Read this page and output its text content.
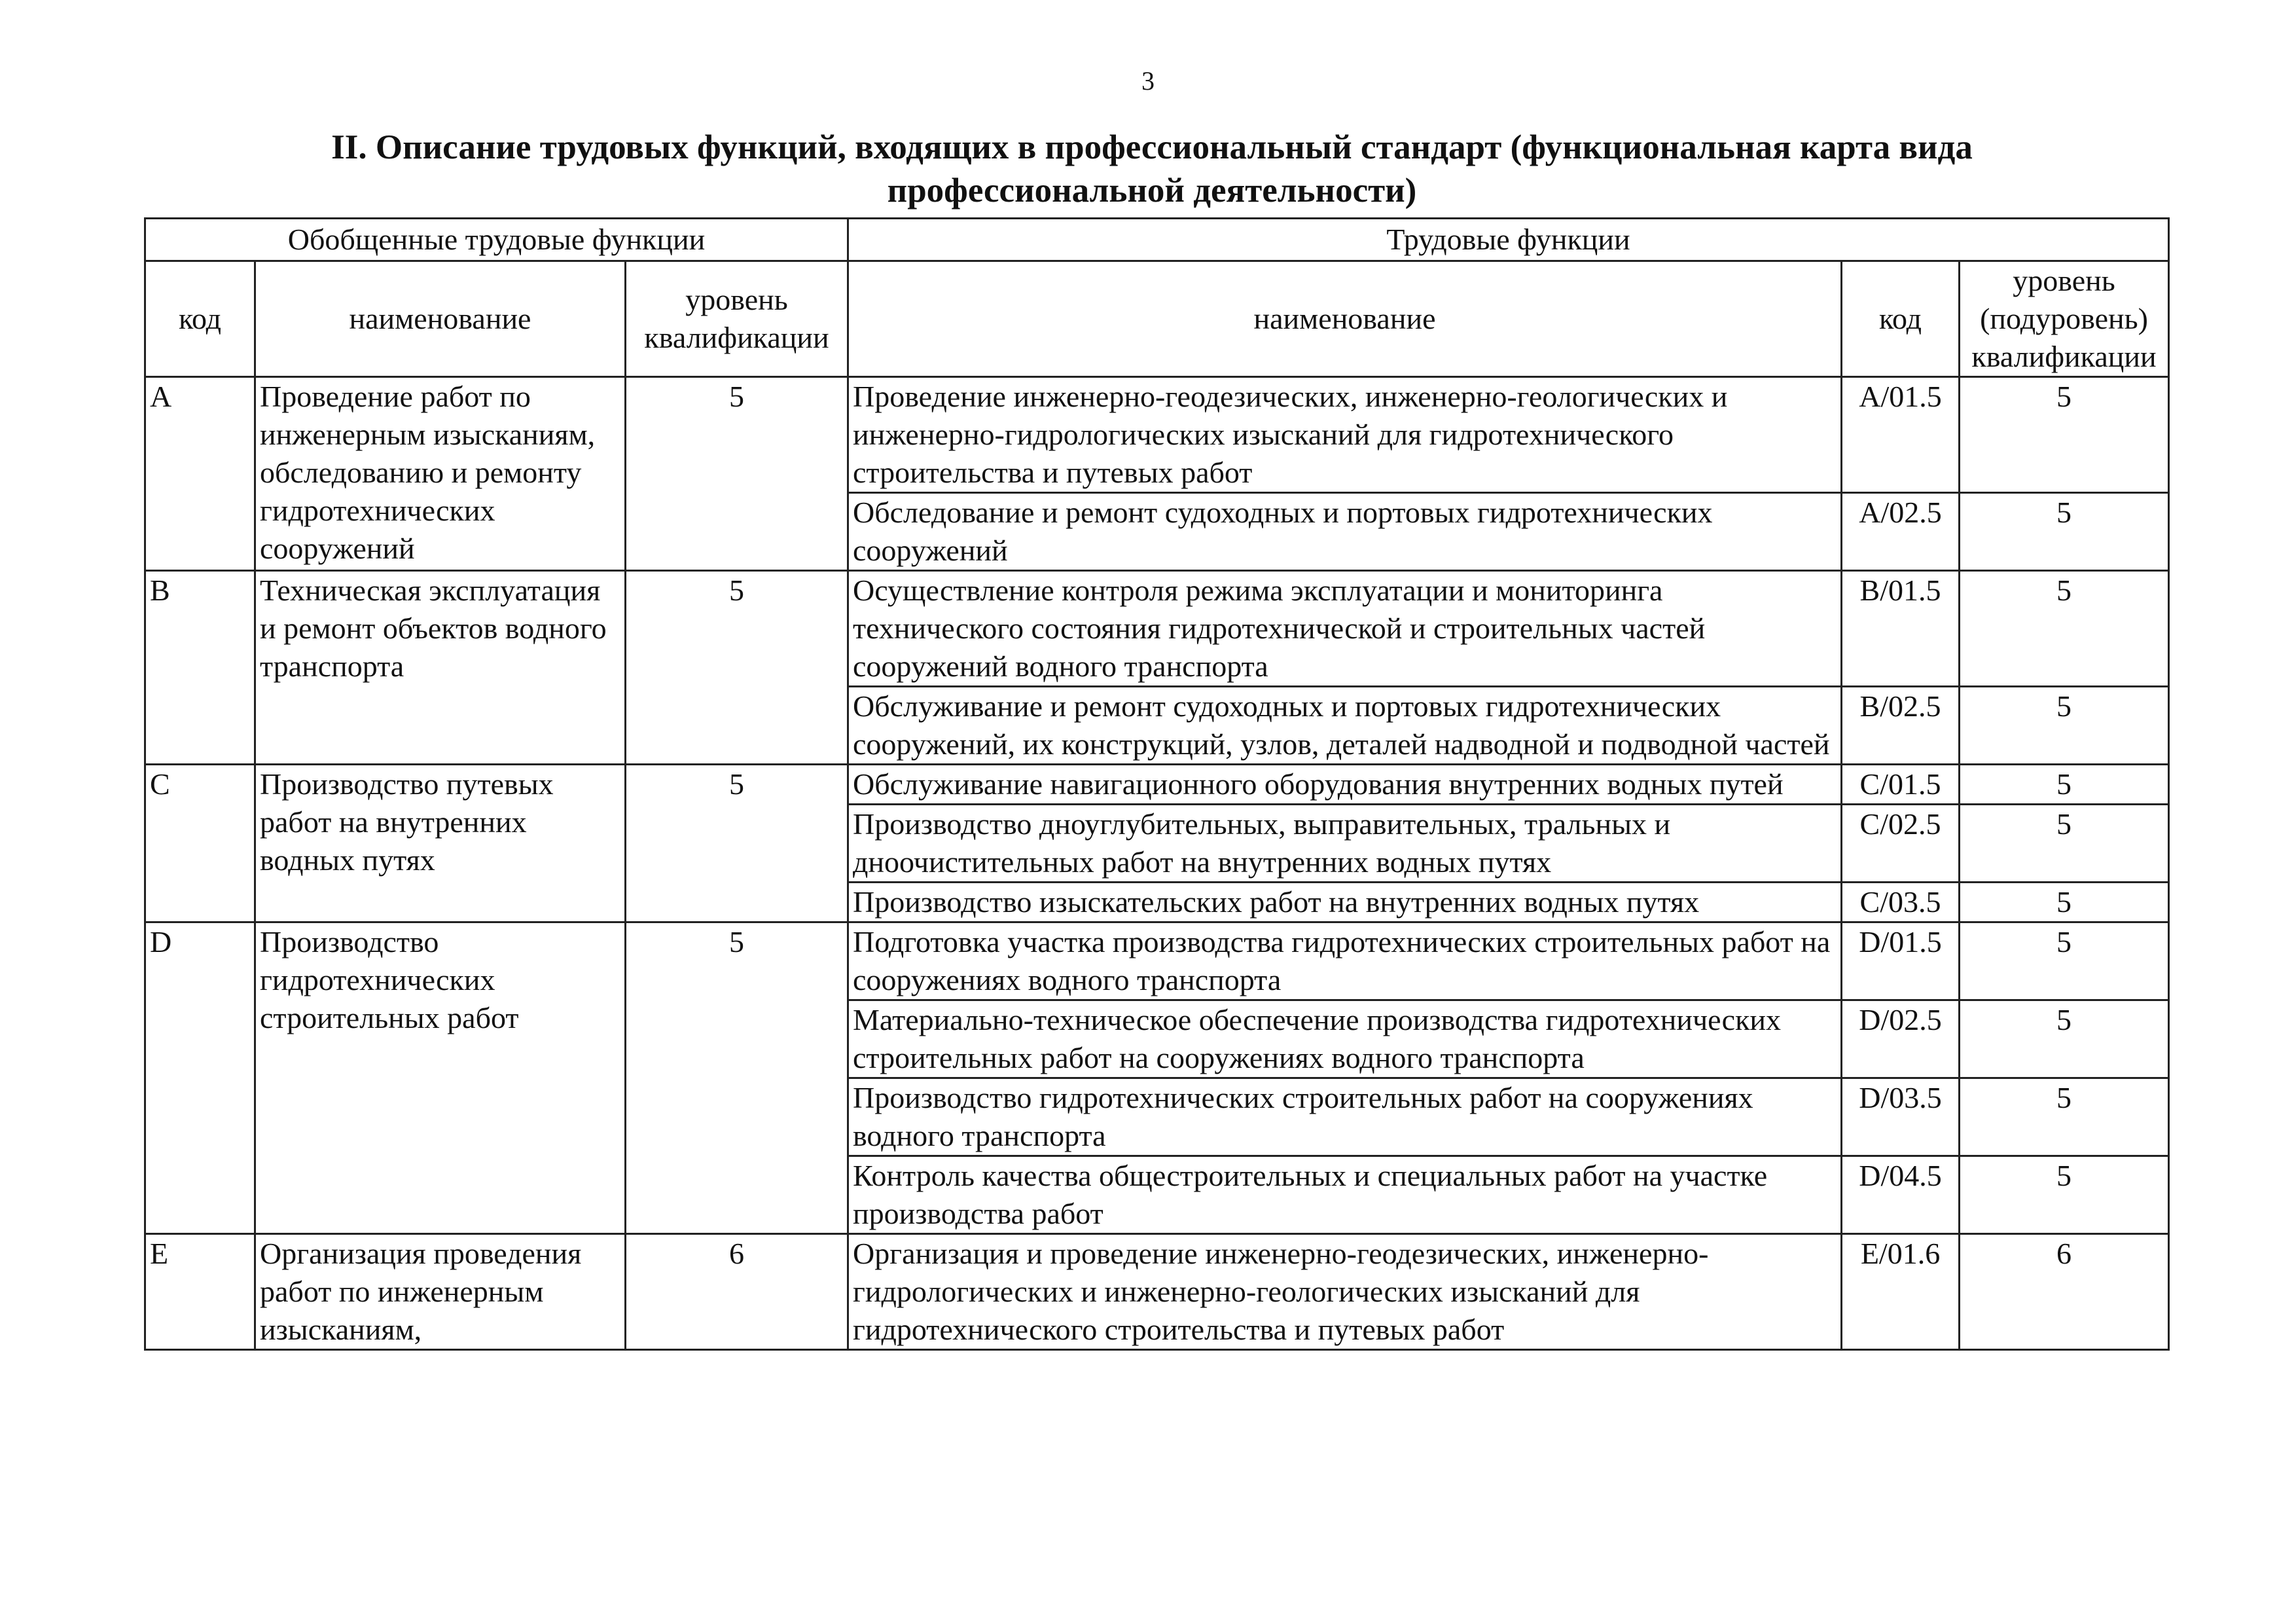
3
II. Описание трудовых функций, входящих в профессиональный стандарт (функциональная карта вида профессиональной деятельности)
Обобщенные трудовые функции			Трудовые функции		
код	наименование	уровень квалификации	наименование	код	уровень (подуровень) квалификации
A	Проведение работ по инженерным изысканиям, обследованию и ремонту гидротехнических сооружений	5	Проведение инженерно-геодезических, инженерно-геологических и инженерно-гидрологических изысканий для гидротехнического строительства и путевых работ	A/01.5	5
			Обследование и ремонт судоходных и портовых гидротехнических сооружений	A/02.5	5
B	Техническая эксплуатация и ремонт объектов водного транспорта	5	Осуществление контроля режима эксплуатации и мониторинга технического состояния гидротехнической и строительных частей сооружений водного транспорта	B/01.5	5
			Обслуживание и ремонт судоходных и портовых гидротехнических сооружений, их конструкций, узлов, деталей надводной и подводной частей	B/02.5	5
C	Производство путевых работ на внутренних водных путях	5	Обслуживание навигационного оборудования внутренних водных путей	C/01.5	5
			Производство дноуглубительных, выправительных, тральных и дноочистительных работ на внутренних водных путях	C/02.5	5
			Производство изыскательских работ на внутренних водных путях	C/03.5	5
D	Производство гидротехнических строительных работ	5	Подготовка участка производства гидротехнических строительных работ на сооружениях водного транспорта	D/01.5	5
			Материально-техническое обеспечение производства гидротехнических строительных работ на сооружениях водного транспорта	D/02.5	5
			Производство гидротехнических строительных работ на сооружениях водного транспорта	D/03.5	5
			Контроль качества общестроительных и специальных работ на участке производства работ	D/04.5	5
E	Организация проведения работ по инженерным изысканиям,	6	Организация и проведение инженерно-геодезических, инженерно-гидрологических и инженерно-геологических изысканий для гидротехнического строительства и путевых работ	E/01.6	6
